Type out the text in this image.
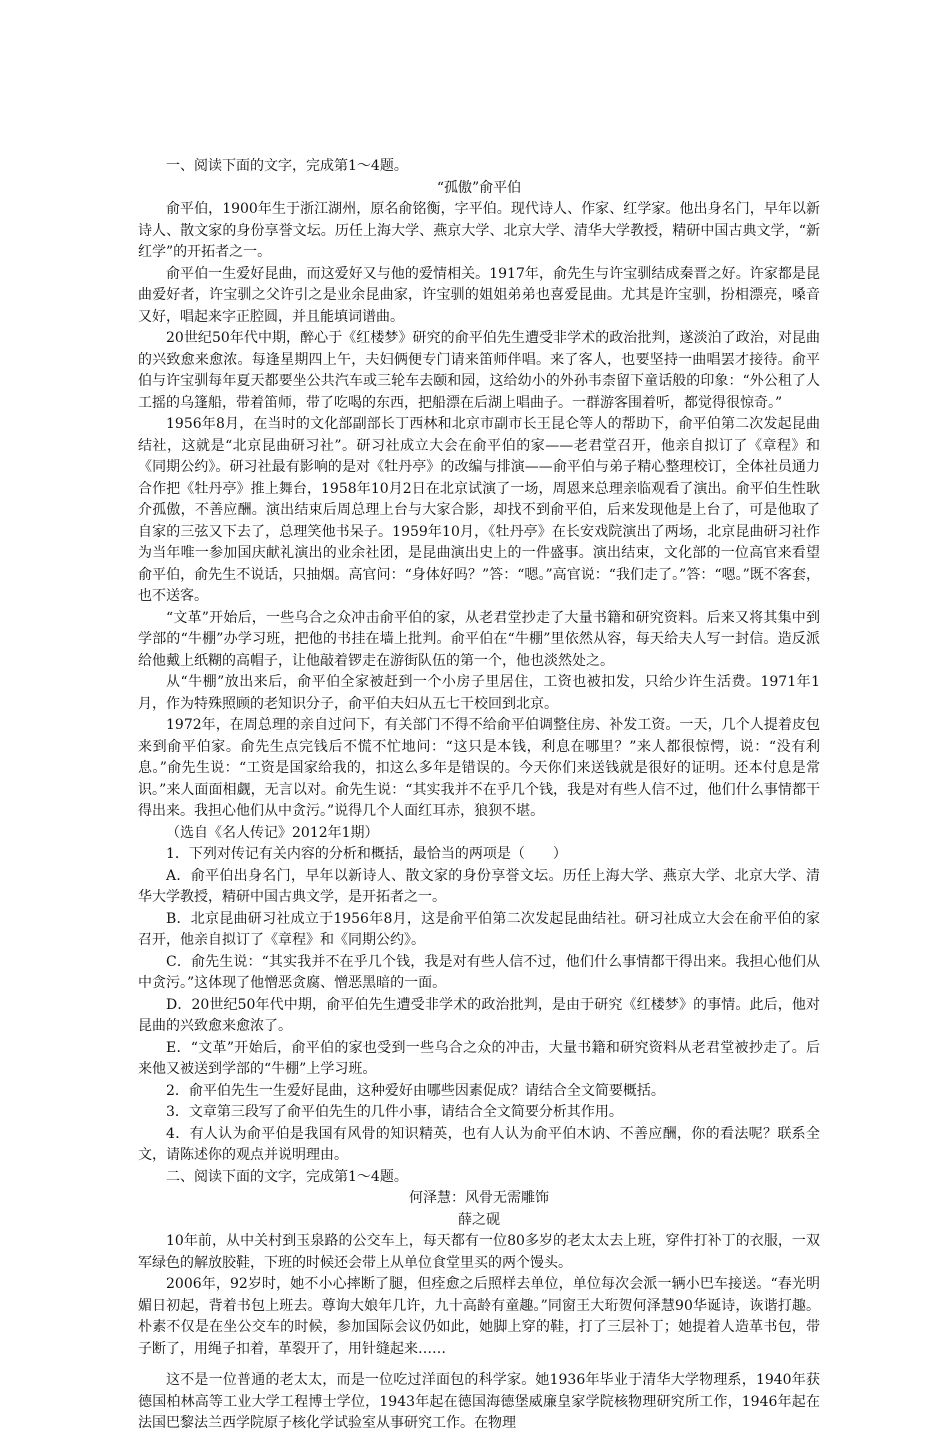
一、阅读下面的文字，完成第1～4题。

“孤傲”俞平伯

俞平伯，1900年生于浙江湖州，原名俞铭衡，字平伯。现代诗人、作家、红学家。他出身名门，早年以新诗人、散文家的身份享誉文坛。历任上海大学、燕京大学、北京大学、清华大学教授，精研中国古典文学，“新红学”的开拓者之一。

俞平伯一生爱好昆曲，而这爱好又与他的爱情相关。1917年，俞先生与许宝驯结成秦晋之好。许家都是昆曲爱好者，许宝驯之父许引之是业余昆曲家，许宝驯的姐姐弟弟也喜爱昆曲。尤其是许宝驯，扮相漂亮，嗓音又好，唱起来字正腔圆，并且能填词谱曲。

20世纪50年代中期，醉心于《红楼梦》研究的俞平伯先生遭受非学术的政治批判，遂淡泊了政治，对昆曲的兴致愈来愈浓。每逢星期四上午，夫妇俩便专门请来笛师伴唱。来了客人，也要坚持一曲唱罢才接待。俞平伯与许宝驯每年夏天都要坐公共汽车或三轮车去颐和园，这给幼小的外孙韦柰留下童话般的印象：“外公租了人工摇的乌篷船，带着笛师，带了吃喝的东西，把船漂在后湖上唱曲子。一群游客围着听，都觉得很惊奇。”

1956年8月，在当时的文化部副部长丁西林和北京市副市长王昆仑等人的帮助下，俞平伯第二次发起昆曲结社，这就是“北京昆曲研习社”。研习社成立大会在俞平伯的家——老君堂召开，他亲自拟订了《章程》和《同期公约》。研习社最有影响的是对《牡丹亭》的改编与排演——俞平伯与弟子精心整理校订，全体社员通力合作把《牡丹亭》推上舞台，1958年10月2日在北京试演了一场，周恩来总理亲临观看了演出。俞平伯生性耿介孤傲，不善应酬。演出结束后周总理上台与大家合影，却找不到俞平伯，后来发现他是上台了，可是他取了自家的三弦又下去了，总理笑他书呆子。1959年10月，《牡丹亭》在长安戏院演出了两场，北京昆曲研习社作为当年唯一参加国庆献礼演出的业余社团，是昆曲演出史上的一件盛事。演出结束，文化部的一位高官来看望俞平伯，俞先生不说话，只抽烟。高官问：“身体好吗？”答：“嗯。”高官说：“我们走了。”答：“嗯。”既不客套，也不送客。

“文革”开始后，一些乌合之众冲击俞平伯的家，从老君堂抄走了大量书籍和研究资料。后来又将其集中到学部的“牛棚”办学习班，把他的书挂在墙上批判。俞平伯在“牛棚”里依然从容，每天给夫人写一封信。造反派给他戴上纸糊的高帽子，让他敲着锣走在游街队伍的第一个，他也淡然处之。

从“牛棚”放出来后，俞平伯全家被赶到一个小房子里居住，工资也被扣发，只给少许生活费。1971年1月，作为特殊照顾的老知识分子，俞平伯夫妇从五七干校回到北京。

1972年，在周总理的亲自过问下，有关部门不得不给俞平伯调整住房、补发工资。一天，几个人提着皮包来到俞平伯家。俞先生点完钱后不慌不忙地问：“这只是本钱，利息在哪里？”来人都很惊愕，说：“没有利息。”俞先生说：“工资是国家给我的，扣这么多年是错误的。今天你们来送钱就是很好的证明。还本付息是常识。”来人面面相觑，无言以对。俞先生说：“其实我并不在乎几个钱，我是对有些人信不过，他们什么事情都干得出来。我担心他们从中贪污。”说得几个人面红耳赤，狼狈不堪。

（选自《名人传记》2012年1期）

1．下列对传记有关内容的分析和概括，最恰当的两项是（　　）

A．俞平伯出身名门，早年以新诗人、散文家的身份享誉文坛。历任上海大学、燕京大学、北京大学、清华大学教授，精研中国古典文学，是开拓者之一。

B．北京昆曲研习社成立于1956年8月，这是俞平伯第二次发起昆曲结社。研习社成立大会在俞平伯的家召开，他亲自拟订了《章程》和《同期公约》。

C．俞先生说：“其实我并不在乎几个钱，我是对有些人信不过，他们什么事情都干得出来。我担心他们从中贪污。”这体现了他憎恶贪腐、憎恶黑暗的一面。

D．20世纪50年代中期，俞平伯先生遭受非学术的政治批判，是由于研究《红楼梦》的事情。此后，他对昆曲的兴致愈来愈浓了。

E．“文革”开始后，俞平伯的家也受到一些乌合之众的冲击，大量书籍和研究资料从老君堂被抄走了。后来他又被送到学部的“牛棚”上学习班。

2．俞平伯先生一生爱好昆曲，这种爱好由哪些因素促成？请结合全文简要概括。

3．文章第三段写了俞平伯先生的几件小事，请结合全文简要分析其作用。

4．有人认为俞平伯是我国有风骨的知识精英，也有人认为俞平伯木讷、不善应酬，你的看法呢？联系全文，请陈述你的观点并说明理由。

二、阅读下面的文字，完成第1～4题。

何泽慧：风骨无需雕饰

薛之砚

10年前，从中关村到玉泉路的公交车上，每天都有一位80多岁的老太太去上班，穿件打补丁的衣服，一双军绿色的解放胶鞋，下班的时候还会带上从单位食堂里买的两个馒头。

2006年，92岁时，她不小心摔断了腿，但痊愈之后照样去单位，单位每次会派一辆小巴车接送。“春光明媚日初起，背着书包上班去。尊询大娘年几许，九十高龄有童趣。”同窗王大珩贺何泽慧90华诞诗，诙谐打趣。朴素不仅是在坐公交车的时候，参加国际会议仍如此，她脚上穿的鞋，打了三层补丁；她提着人造革书包，带子断了，用绳子扣着，革裂开了，用针缝起来……

这不是一位普通的老太太，而是一位吃过洋面包的科学家。她1936年毕业于清华大学物理系，1940年获德国柏林高等工业大学工程博士学位，1943年起在德国海德堡威廉皇家学院核物理研究所工作，1946年起在法国巴黎法兰西学院原子核化学试验室从事研究工作。在物理
